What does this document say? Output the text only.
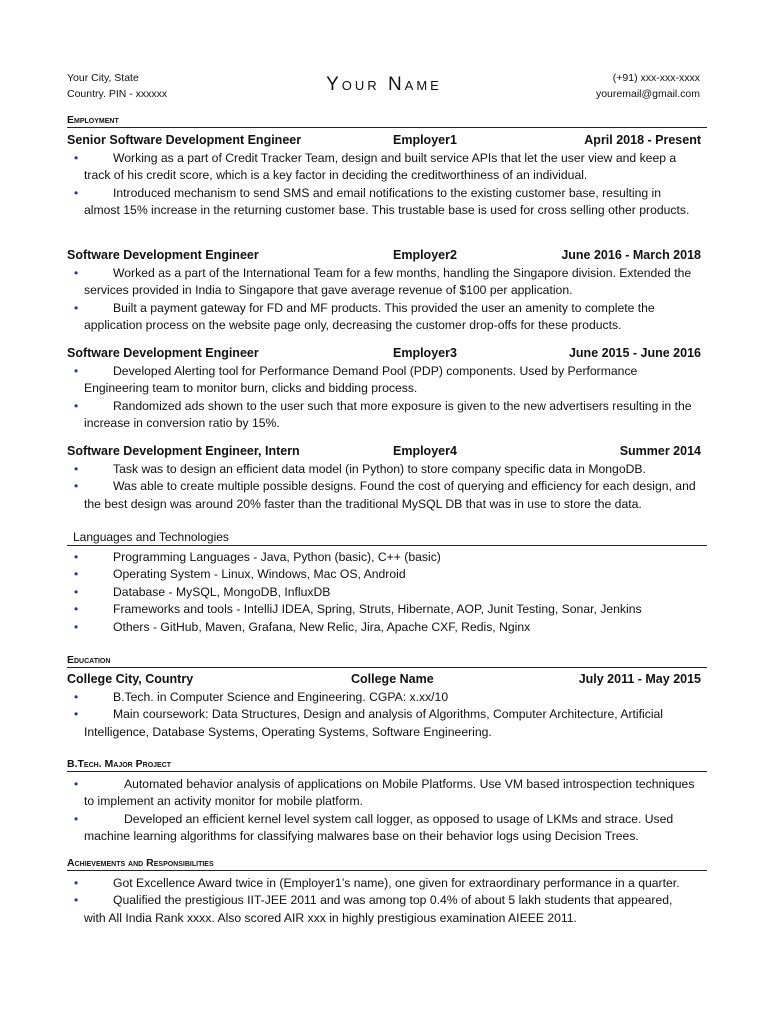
Your City, State
Country. PIN - xxxxxx	Your Name	(+91) xxx-xxx-xxxx
youremail@gmail.com
Employment
Senior Software Development Engineer	Employer1	April 2018 - Present
•	Working as a part of Credit Tracker Team, design and built service APIs that let the user view and keep a track of his credit score, which is a key factor in deciding the creditworthiness of an individual.
•	Introduced mechanism to send SMS and email notifications to the existing customer base, resulting in almost 15% increase in the returning customer base. This trustable base is used for cross selling other products.
Software Development Engineer	Employer2	June 2016 - March 2018
•	Worked as a part of the International Team for a few months, handling the Singapore division. Extended the services provided in India to Singapore that gave average revenue of $100 per application.
•	Built a payment gateway for FD and MF products. This provided the user an amenity to complete the application process on the website page only, decreasing the customer drop-offs for these products.
Software Development Engineer	Employer3	June 2015 - June 2016
•	Developed Alerting tool for Performance Demand Pool (PDP) components. Used by Performance Engineering team to monitor burn, clicks and bidding process.
•	Randomized ads shown to the user such that more exposure is given to the new advertisers resulting in the increase in conversion ratio by 15%.
Software Development Engineer, Intern	Employer4	Summer 2014
•	Task was to design an efficient data model (in Python) to store company specific data in MongoDB.
•	Was able to create multiple possible designs. Found the cost of querying and efficiency for each design, and the best design was around 20% faster than the traditional MySQL DB that was in use to store the data.
Languages and Technologies
•	Programming Languages - Java, Python (basic), C++ (basic)
•	Operating System - Linux, Windows, Mac OS, Android
•	Database - MySQL, MongoDB, InfluxDB
•	Frameworks and tools - IntelliJ IDEA, Spring, Struts, Hibernate, AOP, Junit Testing, Sonar, Jenkins
•	Others - GitHub, Maven, Grafana, New Relic, Jira, Apache CXF, Redis, Nginx
Education
College City, Country	College Name	July 2011 - May 2015
•	B.Tech. in Computer Science and Engineering. CGPA: x.xx/10
•	Main coursework: Data Structures, Design and analysis of Algorithms, Computer Architecture, Artificial Intelligence, Database Systems, Operating Systems, Software Engineering.
B.Tech. Major Project
•	Automated behavior analysis of applications on Mobile Platforms. Use VM based introspection techniques to implement an activity monitor for mobile platform.
•	Developed an efficient kernel level system call logger, as opposed to usage of LKMs and strace. Used machine learning algorithms for classifying malwares base on their behavior logs using Decision Trees.
Achievements and Responsibilities
•	Got Excellence Award twice in (Employer1’s name), one given for extraordinary performance in a quarter.
•	Qualified the prestigious IIT-JEE 2011 and was among top 0.4% of about 5 lakh students that appeared, with All India Rank xxxx. Also scored AIR xxx in highly prestigious examination AIEEE 2011.
